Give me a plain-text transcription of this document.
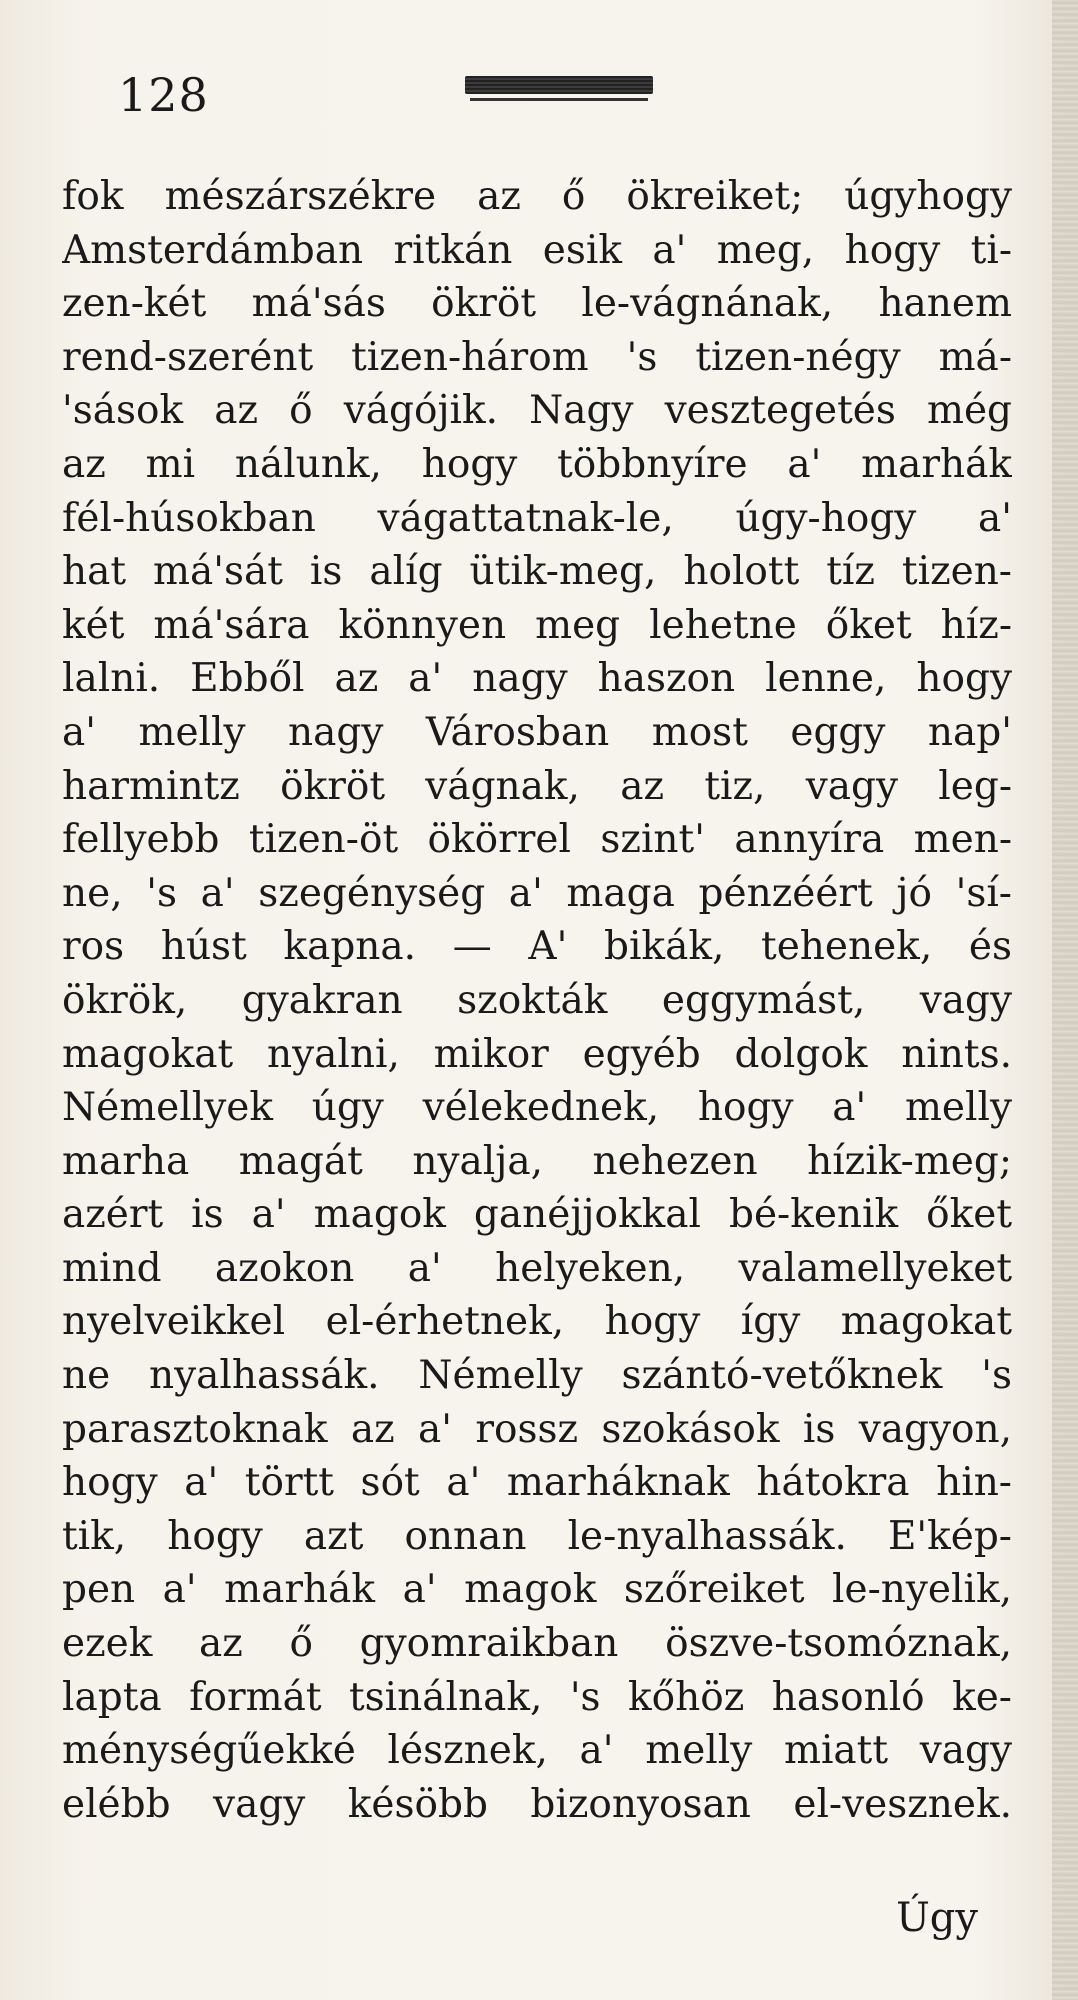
128
fok mészárszékre az ő ökreiket; úgyhogy
Amsterdámban ritkán esik a' meg, hogy ti-
zen-két má'sás ökröt le-vágnának, hanem
rend-szerént tizen-három 's tizen-négy má-
'sások az ő vágójik. Nagy vesztegetés még
az mi nálunk, hogy többnyíre a' marhák
fél-húsokban vágattatnak-le, úgy-hogy a'
hat má'sát is alíg ütik-meg, holott tíz tizen-
két má'sára könnyen meg lehetne őket híz-
lalni. Ebből az a' nagy haszon lenne, hogy
a' melly nagy Városban most eggy nap'
harmintz ökröt vágnak, az tiz, vagy leg-
fellyebb tizen-öt ökörrel szint' annyíra men-
ne, 's a' szegénység a' maga pénzéért jó 'sí-
ros húst kapna. — A' bikák, tehenek, és
ökrök, gyakran szokták eggymást, vagy
magokat nyalni, mikor egyéb dolgok nints.
Némellyek úgy vélekednek, hogy a' melly
marha magát nyalja, nehezen hízik-meg;
azért is a' magok ganéjjokkal bé-kenik őket
mind azokon a' helyeken, valamellyeket
nyelveikkel el-érhetnek, hogy így magokat
ne nyalhassák. Némelly szántó-vetőknek 's
parasztoknak az a' rossz szokások is vagyon,
hogy a' törtt sót a' marháknak hátokra hin-
tik, hogy azt onnan le-nyalhassák. E'kép-
pen a' marhák a' magok szőreiket le-nyelik,
ezek az ő gyomraikban öszve-tsomóznak,
lapta formát tsinálnak, 's kőhöz hasonló ke-
ménységűekké lésznek, a' melly miatt vagy
elébb vagy késöbb bizonyosan el-vesznek.
Úgy
